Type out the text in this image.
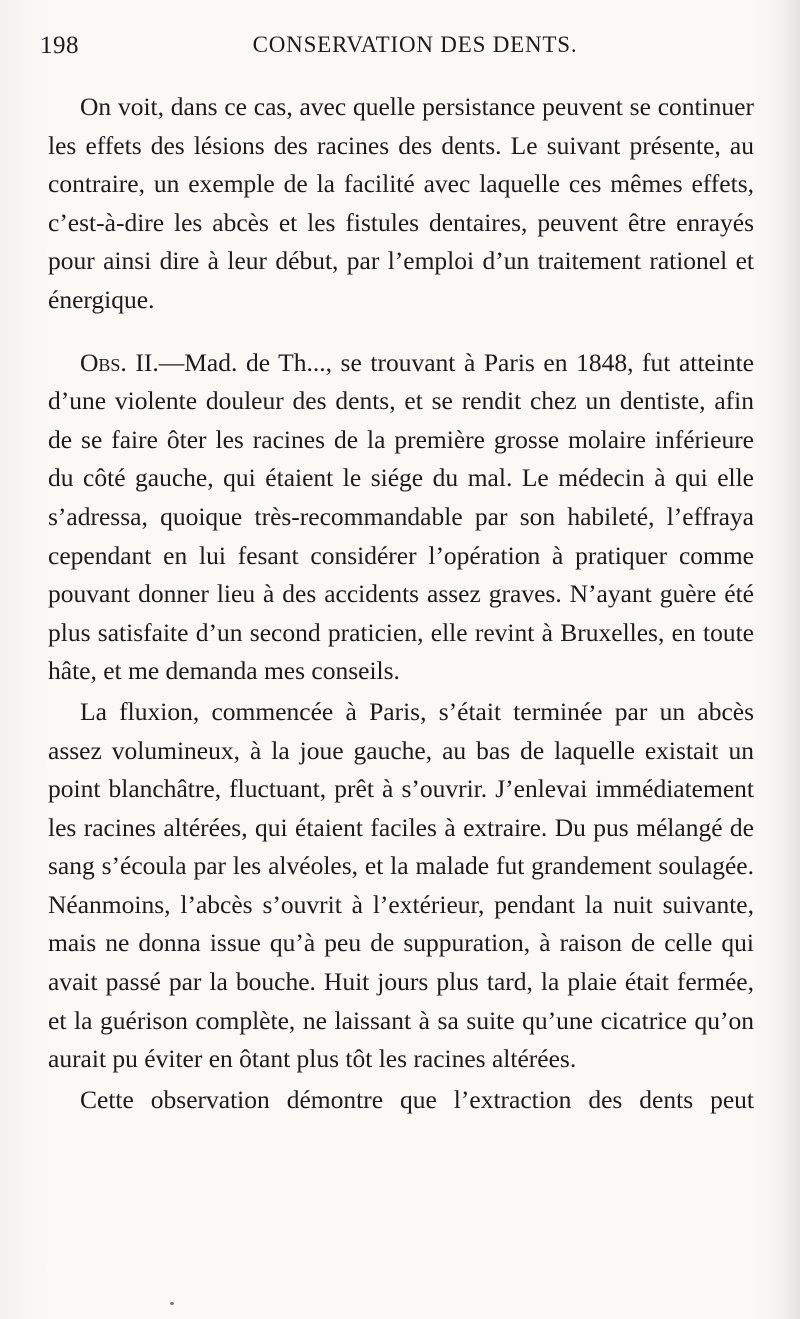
198	CONSERVATION DES DENTS.

On voit, dans ce cas, avec quelle persistance peuvent se continuer les effets des lésions des racines des dents. Le suivant présente, au contraire, un exemple de la facilité avec laquelle ces mêmes effets, c’est-à-dire les abcès et les fistules dentaires, peuvent être enrayés pour ainsi dire à leur début, par l’emploi d’un traitement rationel et énergique.

Obs. II.—Mad. de Th..., se trouvant à Paris en 1848, fut atteinte d’une violente douleur des dents, et se rendit chez un dentiste, afin de se faire ôter les racines de la première grosse molaire inférieure du côté gauche, qui étaient le siége du mal. Le médecin à qui elle s’adressa, quoique très-recommandable par son habileté, l’effraya cependant en lui fesant considérer l’opération à pratiquer comme pouvant donner lieu à des accidents assez graves. N’ayant guère été plus satisfaite d’un second praticien, elle revint à Bruxelles, en toute hâte, et me demanda mes conseils.

La fluxion, commencée à Paris, s’était terminée par un abcès assez volumineux, à la joue gauche, au bas de laquelle existait un point blanchâtre, fluctuant, prêt à s’ouvrir. J’enlevai immédiatement les racines altérées, qui étaient faciles à extraire. Du pus mélangé de sang s’écoula par les alvéoles, et la malade fut grandement soulagée. Néanmoins, l’abcès s’ouvrit à l’extérieur, pendant la nuit suivante, mais ne donna issue qu’à peu de suppuration, à raison de celle qui avait passé par la bouche. Huit jours plus tard, la plaie était fermée, et la guérison complète, ne laissant à sa suite qu’une cicatrice qu’on aurait pu éviter en ôtant plus tôt les racines altérées.

Cette observation démontre que l’extraction des dents peut
